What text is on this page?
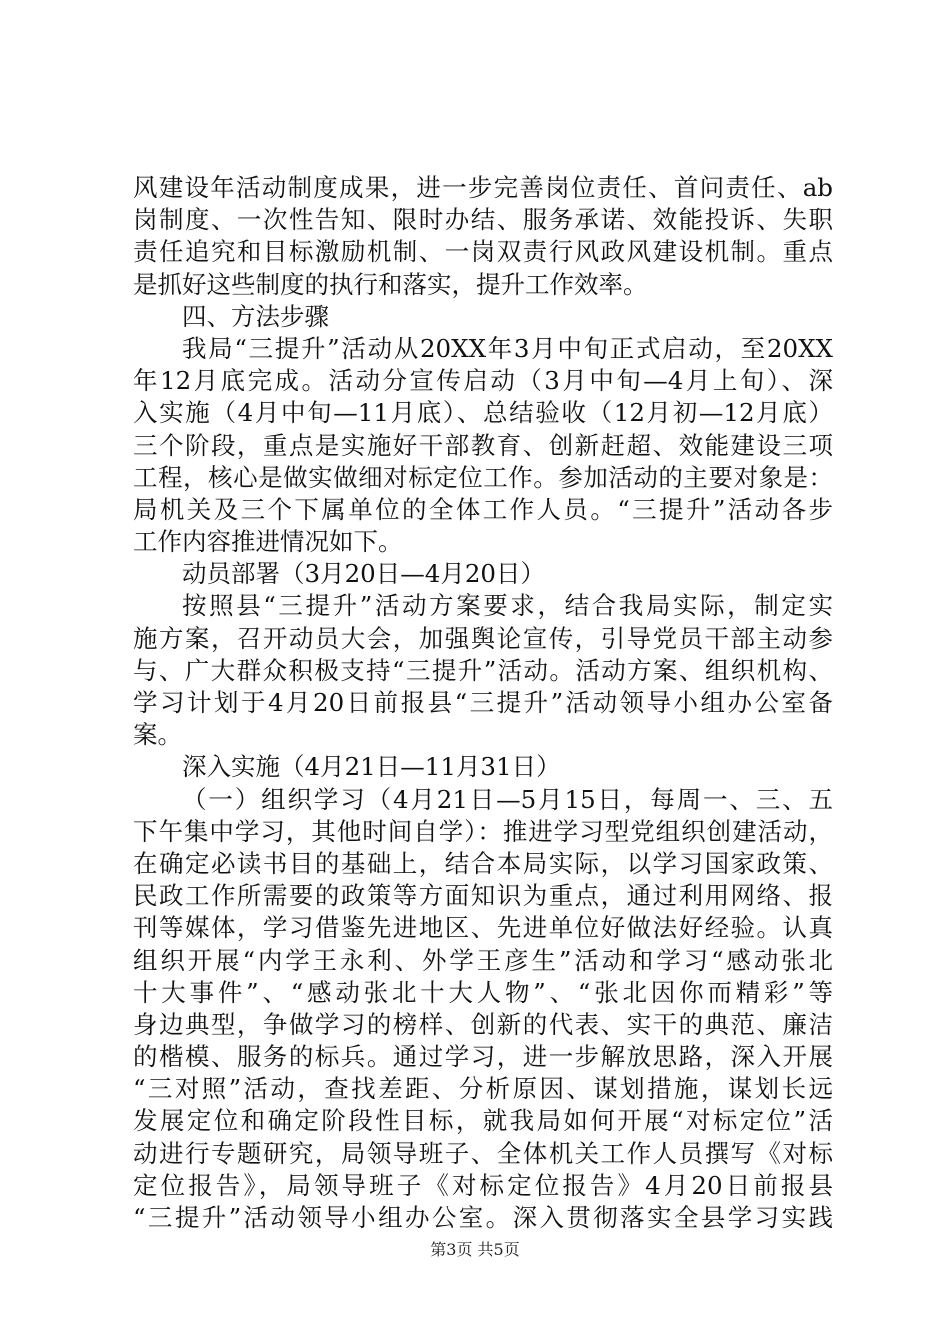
风建设年活动制度成果，进一步完善岗位责任、首问责任、ab
岗制度、一次性告知、限时办结、服务承诺、效能投诉、失职
责任追究和目标激励机制、一岗双责行风政风建设机制。重点
是抓好这些制度的执行和落实，提升工作效率。
四、方法步骤
我局“三提升”活动从20XX年3月中旬正式启动，至20XX
年12月底完成。活动分宣传启动（3月中旬—4月上旬）、深
入实施（4月中旬—11月底）、总结验收（12月初—12月底）
三个阶段，重点是实施好干部教育、创新赶超、效能建设三项
工程，核心是做实做细对标定位工作。参加活动的主要对象是：
局机关及三个下属单位的全体工作人员。“三提升”活动各步
工作内容推进情况如下。
动员部署（3月20日—4月20日）
按照县“三提升”活动方案要求，结合我局实际，制定实
施方案，召开动员大会，加强舆论宣传，引导党员干部主动参
与、广大群众积极支持“三提升”活动。活动方案、组织机构、
学习计划于4月20日前报县“三提升”活动领导小组办公室备
案。
深入实施（4月21日—11月31日）
（一）组织学习（4月21日—5月15日，每周一、三、五
下午集中学习，其他时间自学）：推进学习型党组织创建活动，
在确定必读书目的基础上，结合本局实际，以学习国家政策、
民政工作所需要的政策等方面知识为重点，通过利用网络、报
刊等媒体，学习借鉴先进地区、先进单位好做法好经验。认真
组织开展“内学王永利、外学王彦生”活动和学习“感动张北
十大事件”、“感动张北十大人物”、“张北因你而精彩”等
身边典型，争做学习的榜样、创新的代表、实干的典范、廉洁
的楷模、服务的标兵。通过学习，进一步解放思路，深入开展
“三对照”活动，查找差距、分析原因、谋划措施，谋划长远
发展定位和确定阶段性目标，就我局如何开展“对标定位”活
动进行专题研究，局领导班子、全体机关工作人员撰写《对标
定位报告》，局领导班子《对标定位报告》4月20日前报县
“三提升”活动领导小组办公室。深入贯彻落实全县学习实践
第3页 共5页
